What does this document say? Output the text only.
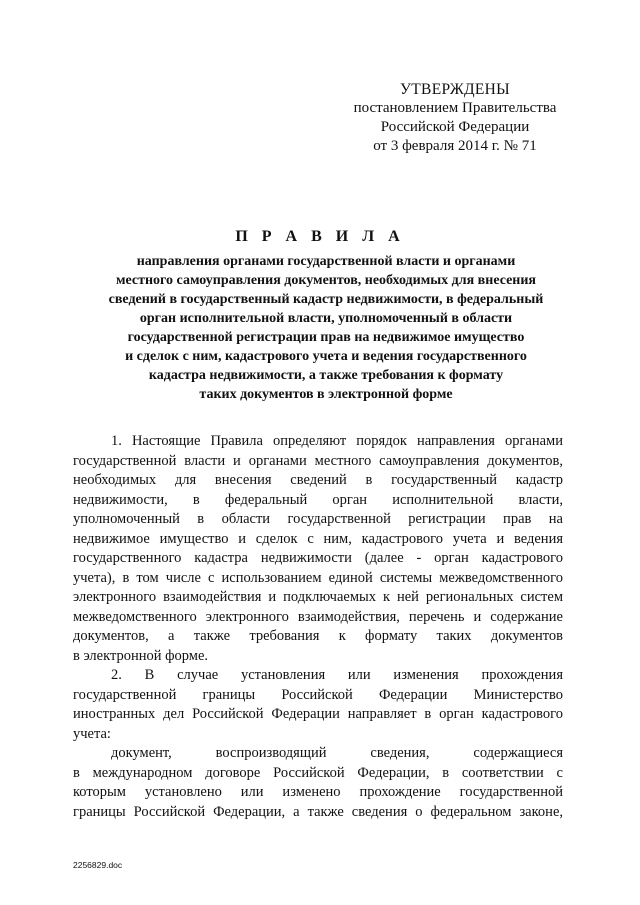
УТВЕРЖДЕНЫ
постановлением Правительства
Российской Федерации
от 3 февраля 2014 г. № 71
П Р А В И Л А
направления органами государственной власти и органами
местного самоуправления документов, необходимых для внесения
сведений в государственный кадастр недвижимости, в федеральный
орган исполнительной власти, уполномоченный в области
государственной регистрации прав на недвижимое имущество
и сделок с ним, кадастрового учета и ведения государственного
кадастра недвижимости, а также требования к формату
таких документов в электронной форме
1. Настоящие Правила определяют порядок направления органами
государственной власти и органами местного самоуправления документов,
необходимых для внесения сведений в государственный кадастр
недвижимости, в федеральный орган исполнительной власти,
уполномоченный в области государственной регистрации прав на
недвижимое имущество и сделок с ним, кадастрового учета и ведения
государственного кадастра недвижимости (далее - орган кадастрового
учета), в том числе с использованием единой системы межведомственного
электронного взаимодействия и подключаемых к ней региональных систем
межведомственного электронного взаимодействия, перечень и содержание
документов, а также требования к формату таких документов
в электронной форме.
2. В случае установления или изменения прохождения
государственной границы Российской Федерации Министерство
иностранных дел Российской Федерации направляет в орган кадастрового
учета:
документ, воспроизводящий сведения, содержащиеся
в международном договоре Российской Федерации, в соответствии с
которым установлено или изменено прохождение государственной
границы Российской Федерации, а также сведения о федеральном законе,
2256829.doc
